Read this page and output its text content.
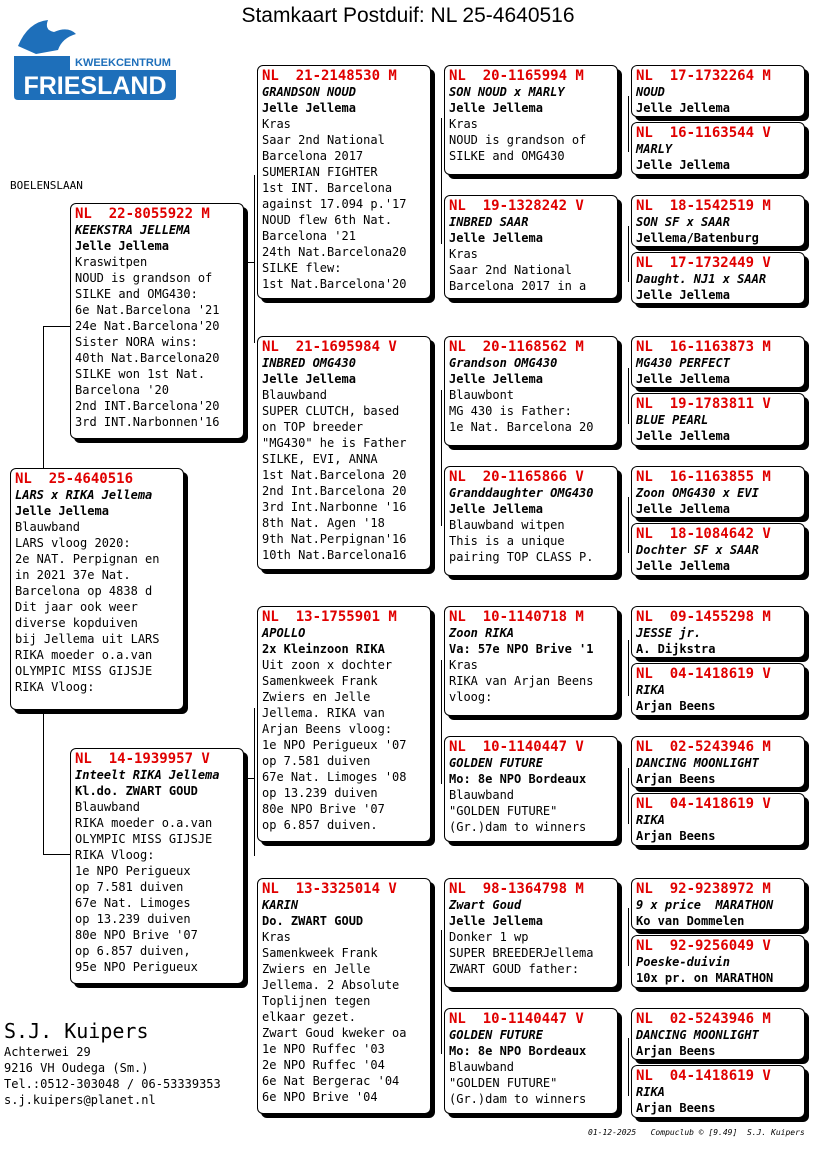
Stamkaart Postduif: NL 25-4640516
KWEEKCENTRUM
FRIESLAND
BOELENSLAAN
NL  25-4640516
LARS x RIKA Jellema
Jelle Jellema
Blauwband
LARS vloog 2020:
2e NAT. Perpignan en
in 2021 37e Nat.
Barcelona op 4838 d
Dit jaar ook weer
diverse kopduiven
bij Jellema uit LARS
RIKA moeder o.a.van
OLYMPIC MISS GIJSJE
RIKA Vloog:
NL  22-8055922 M
KEEKSTRA JELLEMA
Jelle Jellema
Kraswitpen
NOUD is grandson of
SILKE and OMG430:
6e Nat.Barcelona '21
24e Nat.Barcelona'20
Sister NORA wins:
40th Nat.Barcelona20
SILKE won 1st Nat.
Barcelona '20
2nd INT.Barcelona'20
3rd INT.Narbonnen'16
NL  14-1939957 V
Inteelt RIKA Jellema
Kl.do. ZWART GOUD
Blauwband
RIKA moeder o.a.van
OLYMPIC MISS GIJSJE
RIKA Vloog:
1e NPO Perigueux
op 7.581 duiven
67e Nat. Limoges
op 13.239 duiven
80e NPO Brive '07
op 6.857 duiven,
95e NPO Perigueux
NL  21-2148530 M
GRANDSON NOUD
Jelle Jellema
Kras
Saar 2nd National
Barcelona 2017
SUMERIAN FIGHTER
1st INT. Barcelona
against 17.094 p.'17
NOUD flew 6th Nat.
Barcelona '21
24th Nat.Barcelona20
SILKE flew:
1st Nat.Barcelona'20
NL  21-1695984 V
INBRED OMG430
Jelle Jellema
Blauwband
SUPER CLUTCH, based
on TOP breeder
"MG430" he is Father
SILKE, EVI, ANNA
1st Nat.Barcelona 20
2nd Int.Barcelona 20
3rd Int.Narbonne '16
8th Nat. Agen '18
9th Nat.Perpignan'16
10th Nat.Barcelona16
NL  13-1755901 M
APOLLO
2x Kleinzoon RIKA
Uit zoon x dochter
Samenkweek Frank
Zwiers en Jelle
Jellema. RIKA van
Arjan Beens vloog:
1e NPO Perigueux '07
op 7.581 duiven
67e Nat. Limoges '08
op 13.239 duiven
80e NPO Brive '07
op 6.857 duiven.
NL  13-3325014 V
KARIN
Do. ZWART GOUD
Kras
Samenkweek Frank
Zwiers en Jelle
Jellema. 2 Absolute
Toplijnen tegen
elkaar gezet.
Zwart Goud kweker oa
1e NPO Ruffec '03
2e NPO Ruffec '04
6e Nat Bergerac '04
6e NPO Brive '04
NL  20-1165994 M
SON NOUD x MARLY
Jelle Jellema
Kras
NOUD is grandson of
SILKE and OMG430
NL  19-1328242 V
INBRED SAAR
Jelle Jellema
Kras
Saar 2nd National
Barcelona 2017 in a
NL  20-1168562 M
Grandson OMG430
Jelle Jellema
Blauwbont
MG 430 is Father:
1e Nat. Barcelona 20
NL  20-1165866 V
Granddaughter OMG430
Jelle Jellema
Blauwband witpen
This is a unique
pairing TOP CLASS P.
NL  10-1140718 M
Zoon RIKA
Va: 57e NPO Brive '1
Kras
RIKA van Arjan Beens
vloog:
NL  10-1140447 V
GOLDEN FUTURE
Mo: 8e NPO Bordeaux
Blauwband
"GOLDEN FUTURE"
(Gr.)dam to winners
NL  98-1364798 M
Zwart Goud
Jelle Jellema
Donker 1 wp
SUPER BREEDERJellema
ZWART GOUD father:
NL  10-1140447 V
GOLDEN FUTURE
Mo: 8e NPO Bordeaux
Blauwband
"GOLDEN FUTURE"
(Gr.)dam to winners
NL  17-1732264 M
NOUD
Jelle Jellema
NL  16-1163544 V
MARLY
Jelle Jellema
NL  18-1542519 M
SON SF x SAAR
Jellema/Batenburg
NL  17-1732449 V
Daught. NJ1 x SAAR
Jelle Jellema
NL  16-1163873 M
MG430 PERFECT
Jelle Jellema
NL  19-1783811 V
BLUE PEARL
Jelle Jellema
NL  16-1163855 M
Zoon OMG430 x EVI
Jelle Jellema
NL  18-1084642 V
Dochter SF x SAAR
Jelle Jellema
NL  09-1455298 M
JESSE jr.
A. Dijkstra
NL  04-1418619 V
RIKA
Arjan Beens
NL  02-5243946 M
DANCING MOONLIGHT
Arjan Beens
NL  04-1418619 V
RIKA
Arjan Beens
NL  92-9238972 M
9 x price  MARATHON
Ko van Dommelen
NL  92-9256049 V
Poeske-duivin
10x pr. on MARATHON
NL  02-5243946 M
DANCING MOONLIGHT
Arjan Beens
NL  04-1418619 V
RIKA
Arjan Beens
S.J. Kuipers
Achterwei 29
9216 VH Oudega (Sm.)
Tel.:0512-303048 / 06-53339353
s.j.kuipers@planet.nl
01-12-2025   Compuclub © [9.49]  S.J. Kuipers
